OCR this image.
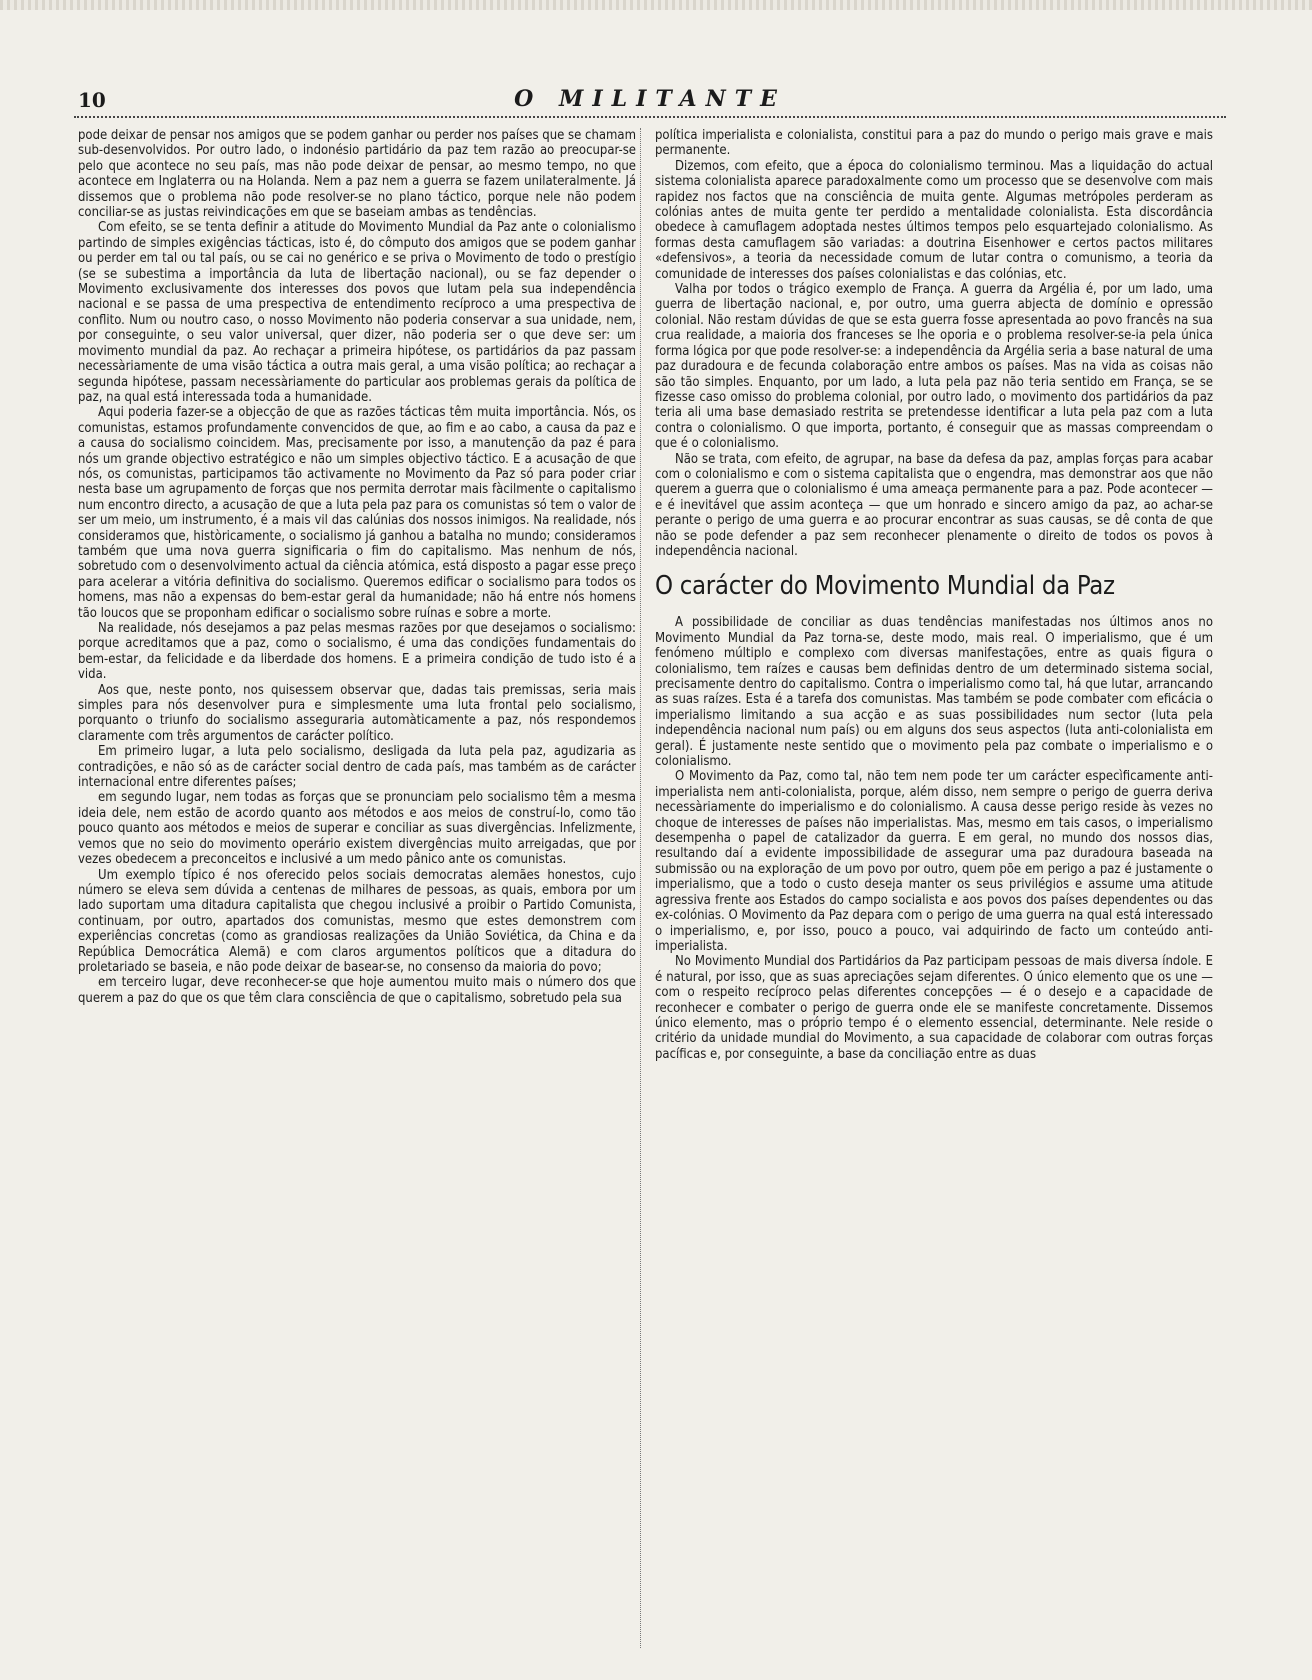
10	O MILITANTE

pode deixar de pensar nos amigos que se podem ganhar ou perder nos países que se chamam sub-desenvolvidos. Por outro lado, o indonésio partidário da paz tem razão ao preocupar-se pelo que acontece no seu país, mas não pode deixar de pensar, ao mesmo tempo, no que acontece em Inglaterra ou na Holanda. Nem a paz nem a guerra se fazem unilateralmente. Já dissemos que o problema não pode resolver-se no plano táctico, porque nele não podem conciliar-se as justas reivindicações em que se baseiam ambas as tendências.

Com efeito, se se tenta definir a atitude do Movimento Mundial da Paz ante o colonialismo partindo de simples exigências tácticas, isto é, do cômputo dos amigos que se podem ganhar ou perder em tal ou tal país, ou se cai no genérico e se priva o Movimento de todo o prestígio (se se subestima a importância da luta de libertação nacional), ou se faz depender o Movimento exclusivamente dos interesses dos povos que lutam pela sua independência nacional e se passa de uma prespectiva de entendimento recíproco a uma prespectiva de conflito. Num ou noutro caso, o nosso Movimento não poderia conservar a sua unidade, nem, por conseguinte, o seu valor universal, quer dizer, não poderia ser o que deve ser: um movimento mundial da paz. Ao rechaçar a primeira hipótese, os partidários da paz passam necessàriamente de uma visão táctica a outra mais geral, a uma visão política; ao rechaçar a segunda hipótese, passam necessàriamente do particular aos problemas gerais da política de paz, na qual está interessada toda a humanidade.

Aqui poderia fazer-se a objecção de que as razões tácticas têm muita importância. Nós, os comunistas, estamos profundamente convencidos de que, ao fim e ao cabo, a causa da paz e a causa do socialismo coincidem. Mas, precisamente por isso, a manutenção da paz é para nós um grande objectivo estratégico e não um simples objectivo táctico. E a acusação de que nós, os comunistas, participamos tão activamente no Movimento da Paz só para poder criar nesta base um agrupamento de forças que nos permita derrotar mais fàcilmente o capitalismo num encontro directo, a acusação de que a luta pela paz para os comunistas só tem o valor de ser um meio, um instrumento, é a mais vil das calúnias dos nossos inimigos. Na realidade, nós consideramos que, històricamente, o socialismo já ganhou a batalha no mundo; consideramos também que uma nova guerra significaria o fim do capitalismo. Mas nenhum de nós, sobretudo com o desenvolvimento actual da ciência atómica, está disposto a pagar esse preço para acelerar a vitória definitiva do socialismo. Queremos edificar o socialismo para todos os homens, mas não a expensas do bem-estar geral da humanidade; não há entre nós homens tão loucos que se proponham edificar o socialismo sobre ruínas e sobre a morte.

Na realidade, nós desejamos a paz pelas mesmas razões por que desejamos o socialismo: porque acreditamos que a paz, como o socialismo, é uma das condições fundamentais do bem-estar, da felicidade e da liberdade dos homens. E a primeira condição de tudo isto é a vida.

Aos que, neste ponto, nos quisessem observar que, dadas tais premissas, seria mais simples para nós desenvolver pura e simplesmente uma luta frontal pelo socialismo, porquanto o triunfo do socialismo asseguraria automàticamente a paz, nós respondemos claramente com três argumentos de carácter político.

Em primeiro lugar, a luta pelo socialismo, desligada da luta pela paz, agudizaria as contradições, e não só as de carácter social dentro de cada país, mas também as de carácter internacional entre diferentes países;

em segundo lugar, nem todas as forças que se pronunciam pelo socialismo têm a mesma ideia dele, nem estão de acordo quanto aos métodos e aos meios de construí-lo, como tão pouco quanto aos métodos e meios de superar e conciliar as suas divergências. Infelizmente, vemos que no seio do movimento operário existem divergências muito arreigadas, que por vezes obedecem a preconceitos e inclusivé a um medo pânico ante os comunistas.

Um exemplo típico é nos oferecido pelos sociais democratas alemães honestos, cujo número se eleva sem dúvida a centenas de milhares de pessoas, as quais, embora por um lado suportam uma ditadura capitalista que chegou inclusivé a proibir o Partido Comunista, continuam, por outro, apartados dos comunistas, mesmo que estes demonstrem com experiências concretas (como as grandiosas realizações da União Soviética, da China e da República Democrática Alemã) e com claros argumentos políticos que a ditadura do proletariado se baseia, e não pode deixar de basear-se, no consenso da maioria do povo;

em terceiro lugar, deve reconhecer-se que hoje aumentou muito mais o número dos que querem a paz do que os que têm clara consciência de que o capitalismo, sobretudo pela sua

política imperialista e colonialista, constitui para a paz do mundo o perigo mais grave e mais permanente.

Dizemos, com efeito, que a época do colonialismo terminou. Mas a liquidação do actual sistema colonialista aparece paradoxalmente como um processo que se desenvolve com mais rapidez nos factos que na consciência de muita gente. Algumas metrópoles perderam as colónias antes de muita gente ter perdido a mentalidade colonialista. Esta discordância obedece à camuflagem adoptada nestes últimos tempos pelo esquartejado colonialismo. As formas desta camuflagem são variadas: a doutrina Eisenhower e certos pactos militares «defensivos», a teoria da necessidade comum de lutar contra o comunismo, a teoria da comunidade de interesses dos países colonialistas e das colónias, etc.

Valha por todos o trágico exemplo de França. A guerra da Argélia é, por um lado, uma guerra de libertação nacional, e, por outro, uma guerra abjecta de domínio e opressão colonial. Não restam dúvidas de que se esta guerra fosse apresentada ao povo francês na sua crua realidade, a maioria dos franceses se lhe oporia e o problema resolver-se-ia pela única forma lógica por que pode resolver-se: a independência da Argélia seria a base natural de uma paz duradoura e de fecunda colaboração entre ambos os países. Mas na vida as coisas não são tão simples. Enquanto, por um lado, a luta pela paz não teria sentido em França, se se fizesse caso omisso do problema colonial, por outro lado, o movimento dos partidários da paz teria ali uma base demasiado restrita se pretendesse identificar a luta pela paz com a luta contra o colonialismo. O que importa, portanto, é conseguir que as massas compreendam o que é o colonialismo.

Não se trata, com efeito, de agrupar, na base da defesa da paz, amplas forças para acabar com o colonialismo e com o sistema capitalista que o engendra, mas demonstrar aos que não querem a guerra que o colonialismo é uma ameaça permanente para a paz. Pode acontecer — e é inevitável que assim aconteça — que um honrado e sincero amigo da paz, ao achar-se perante o perigo de uma guerra e ao procurar encontrar as suas causas, se dê conta de que não se pode defender a paz sem reconhecer plenamente o direito de todos os povos à independência nacional.

O carácter do Movimento Mundial da Paz

A possibilidade de conciliar as duas tendências manifestadas nos últimos anos no Movimento Mundial da Paz torna-se, deste modo, mais real. O imperialismo, que é um fenómeno múltiplo e complexo com diversas manifestações, entre as quais figura o colonialismo, tem raízes e causas bem definidas dentro de um determinado sistema social, precisamente dentro do capitalismo. Contra o imperialismo como tal, há que lutar, arrancando as suas raízes. Esta é a tarefa dos comunistas. Mas também se pode combater com eficácia o imperialismo limitando a sua acção e as suas possibilidades num sector (luta pela independência nacional num país) ou em alguns dos seus aspectos (luta anti-colonialista em geral). É justamente neste sentido que o movimento pela paz combate o imperialismo e o colonialismo.

O Movimento da Paz, como tal, não tem nem pode ter um carácter especìficamente anti-imperialista nem anti-colonialista, porque, além disso, nem sempre o perigo de guerra deriva necessàriamente do imperialismo e do colonialismo. A causa desse perigo reside às vezes no choque de interesses de países não imperialistas. Mas, mesmo em tais casos, o imperialismo desempenha o papel de catalizador da guerra. E em geral, no mundo dos nossos dias, resultando daí a evidente impossibilidade de assegurar uma paz duradoura baseada na submissão ou na exploração de um povo por outro, quem põe em perigo a paz é justamente o imperialismo, que a todo o custo deseja manter os seus privilégios e assume uma atitude agressiva frente aos Estados do campo socialista e aos povos dos países dependentes ou das ex-colónias. O Movimento da Paz depara com o perigo de uma guerra na qual está interessado o imperialismo, e, por isso, pouco a pouco, vai adquirindo de facto um conteúdo anti-imperialista.

No Movimento Mundial dos Partidários da Paz participam pessoas de mais diversa índole. E é natural, por isso, que as suas apreciações sejam diferentes. O único elemento que os une — com o respeito recíproco pelas diferentes concepções — é o desejo e a capacidade de reconhecer e combater o perigo de guerra onde ele se manifeste concretamente. Dissemos único elemento, mas o próprio tempo é o elemento essencial, determinante. Nele reside o critério da unidade mundial do Movimento, a sua capacidade de colaborar com outras forças pacíficas e, por conseguinte, a base da conciliação entre as duas
